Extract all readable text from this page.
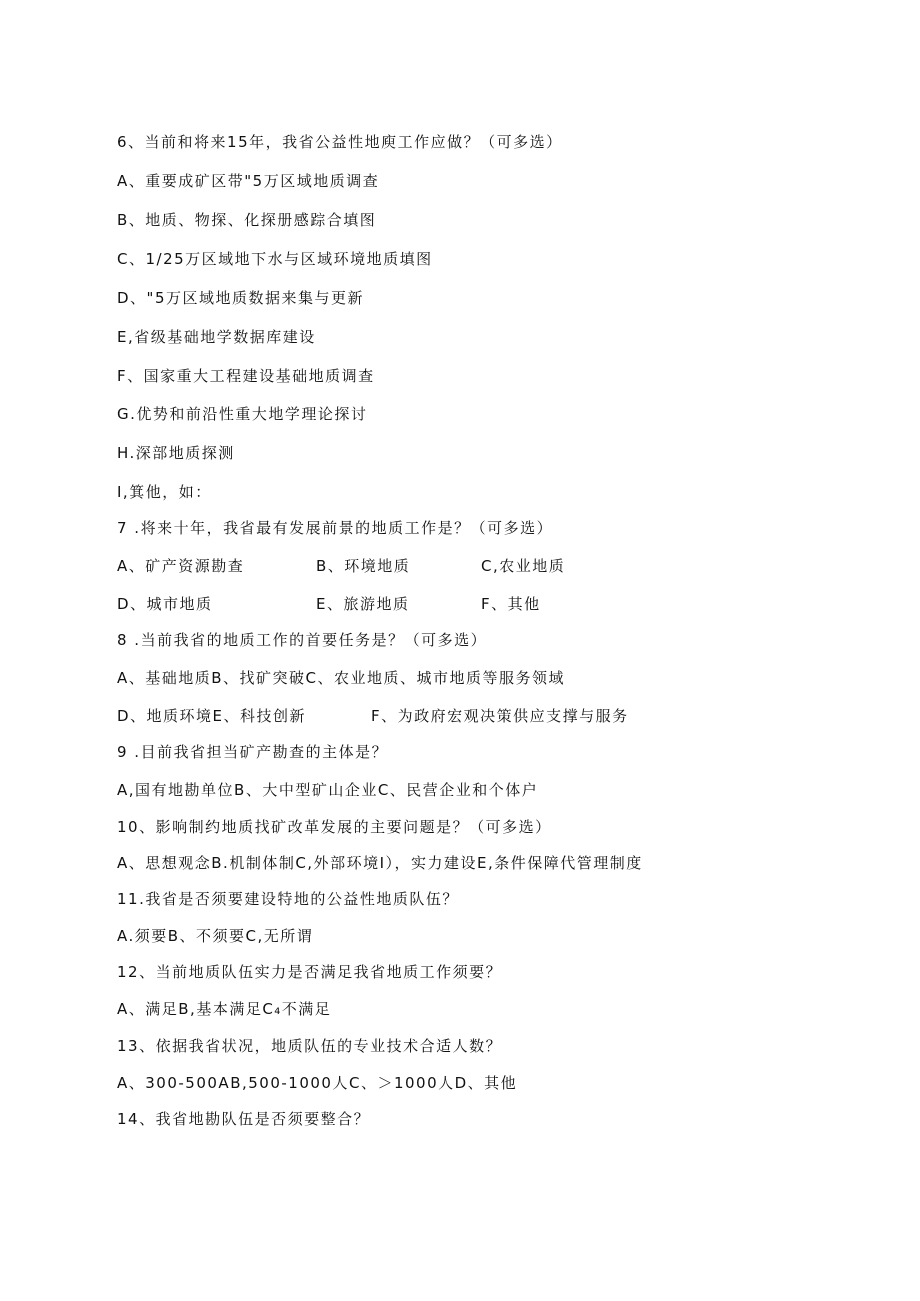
6、当前和将来15年，我省公益性地庾工作应做？（可多选）
A、重要成矿区带"5万区域地质调查
B、地质、物探、化探册感踪合填图
C、1/25万区域地下水与区域环境地质填图
D、"5万区域地质数据来集与更新
E,省级基础地学数据库建设
F、国家重大工程建设基础地质调查
G.优势和前沿性重大地学理论探讨
H.深部地质探测
I,箕他，如：
7 .将来十年，我省最有发展前景的地质工作是？（可多选）
A、矿产资源勘查	B、环境地质	C,农业地质
D、城市地质	E、旅游地质	F、其他
8 .当前我省的地质工作的首要任务是？（可多选）
A、基础地质B、找矿突破C、农业地质、城市地质等服务领域
D、地质环境E、科技创新	F、为政府宏观决策供应支撑与服务
9 .目前我省担当矿产勘查的主体是？
A,国有地勘单位B、大中型矿山企业C、民营企业和个体户
10、影响制约地质找矿改革发展的主要问题是？（可多选）
A、思想观念B.机制体制C,外部环境I），实力建设E,条件保障代管理制度
11.我省是否须要建设特地的公益性地质队伍？
A.须要B、不须要C,无所谓
12、当前地质队伍实力是否满足我省地质工作须要？
A、满足B,基本满足C₄不满足
13、依据我省状况，地质队伍的专业技术合适人数？
A、300-500AB,500-1000人C、＞1000人D、其他
14、我省地勘队伍是否须要整合？
